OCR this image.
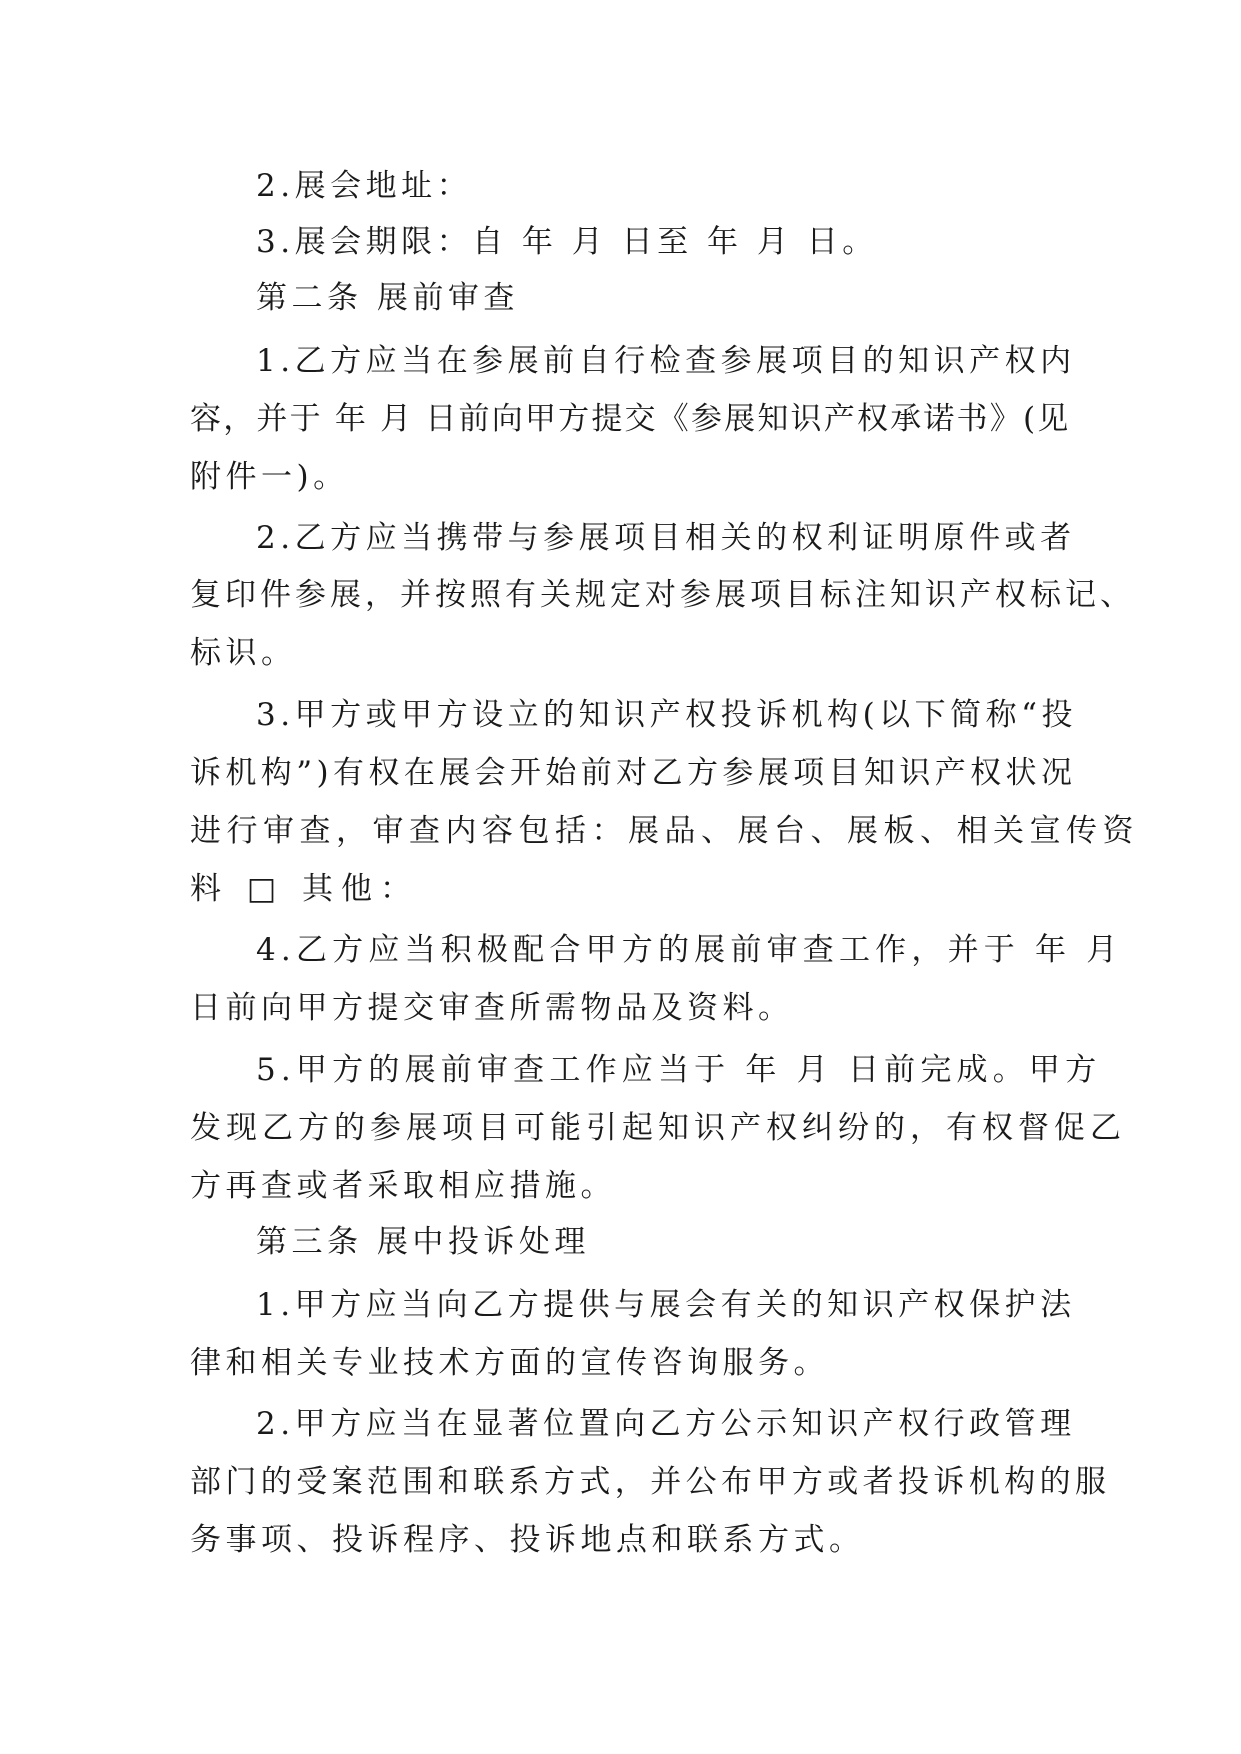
2.展会地址：
3.展会期限：自 年 月 日至 年 月 日。
第二条 展前审查
1.乙方应当在参展前自行检查参展项目的知识产权内
容，并于 年 月 日前向甲方提交《参展知识产权承诺书》(见
附件一)。
2.乙方应当携带与参展项目相关的权利证明原件或者
复印件参展，并按照有关规定对参展项目标注知识产权标记、
标识。
3.甲方或甲方设立的知识产权投诉机构(以下简称“投
诉机构”)有权在展会开始前对乙方参展项目知识产权状况
进行审查，审查内容包括：展品、展台、展板、相关宣传资
料 □ 其他：
4.乙方应当积极配合甲方的展前审查工作，并于 年 月
日前向甲方提交审查所需物品及资料。
5.甲方的展前审查工作应当于 年 月 日前完成。甲方
发现乙方的参展项目可能引起知识产权纠纷的，有权督促乙
方再查或者采取相应措施。
第三条 展中投诉处理
1.甲方应当向乙方提供与展会有关的知识产权保护法
律和相关专业技术方面的宣传咨询服务。
2.甲方应当在显著位置向乙方公示知识产权行政管理
部门的受案范围和联系方式，并公布甲方或者投诉机构的服
务事项、投诉程序、投诉地点和联系方式。
